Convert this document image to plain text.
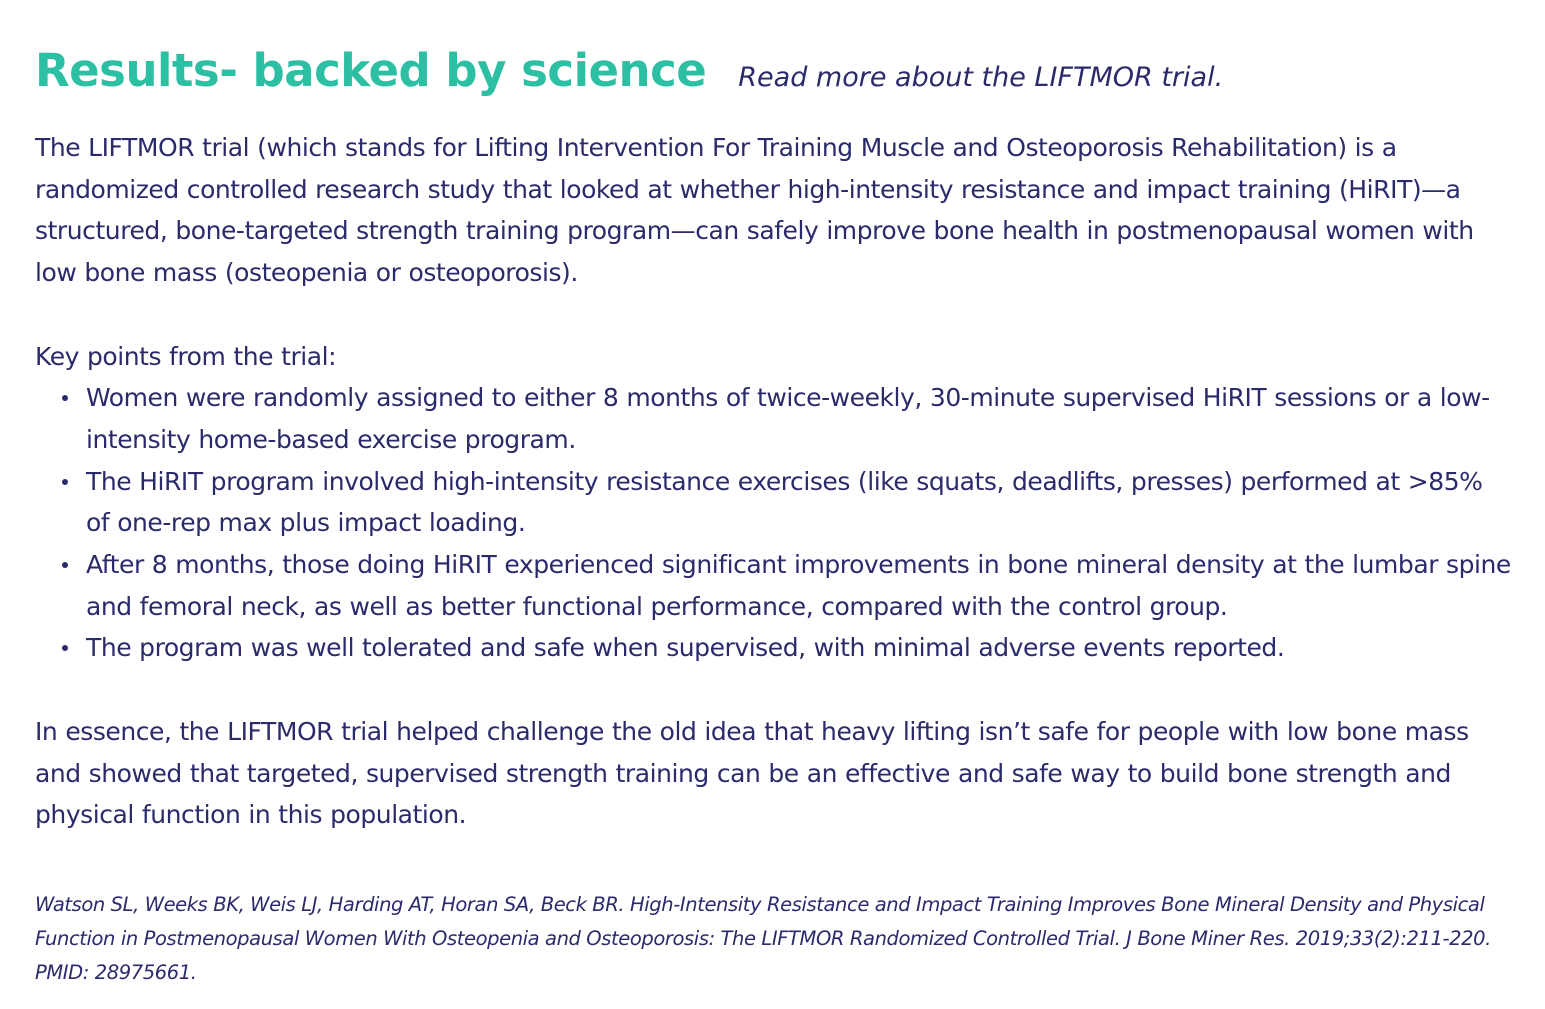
Results- backed by science Read more about the LIFTMOR trial.

The LIFTMOR trial (which stands for Lifting Intervention For Training Muscle and Osteoporosis Rehabilitation) is a randomized controlled research study that looked at whether high-intensity resistance and impact training (HiRIT)—a structured, bone-targeted strength training program—can safely improve bone health in postmenopausal women with low bone mass (osteopenia or osteoporosis).

Key points from the trial:

Women were randomly assigned to either 8 months of twice-weekly, 30-minute supervised HiRIT sessions or a low-intensity home-based exercise program.
The HiRIT program involved high-intensity resistance exercises (like squats, deadlifts, presses) performed at >85% of one-rep max plus impact loading.
After 8 months, those doing HiRIT experienced significant improvements in bone mineral density at the lumbar spine and femoral neck, as well as better functional performance, compared with the control group.
The program was well tolerated and safe when supervised, with minimal adverse events reported.

In essence, the LIFTMOR trial helped challenge the old idea that heavy lifting isn’t safe for people with low bone mass and showed that targeted, supervised strength training can be an effective and safe way to build bone strength and physical function in this population.

Watson SL, Weeks BK, Weis LJ, Harding AT, Horan SA, Beck BR. High-Intensity Resistance and Impact Training Improves Bone Mineral Density and Physical Function in Postmenopausal Women With Osteopenia and Osteoporosis: The LIFTMOR Randomized Controlled Trial. J Bone Miner Res. 2019;33(2):211-220. PMID: 28975661.
